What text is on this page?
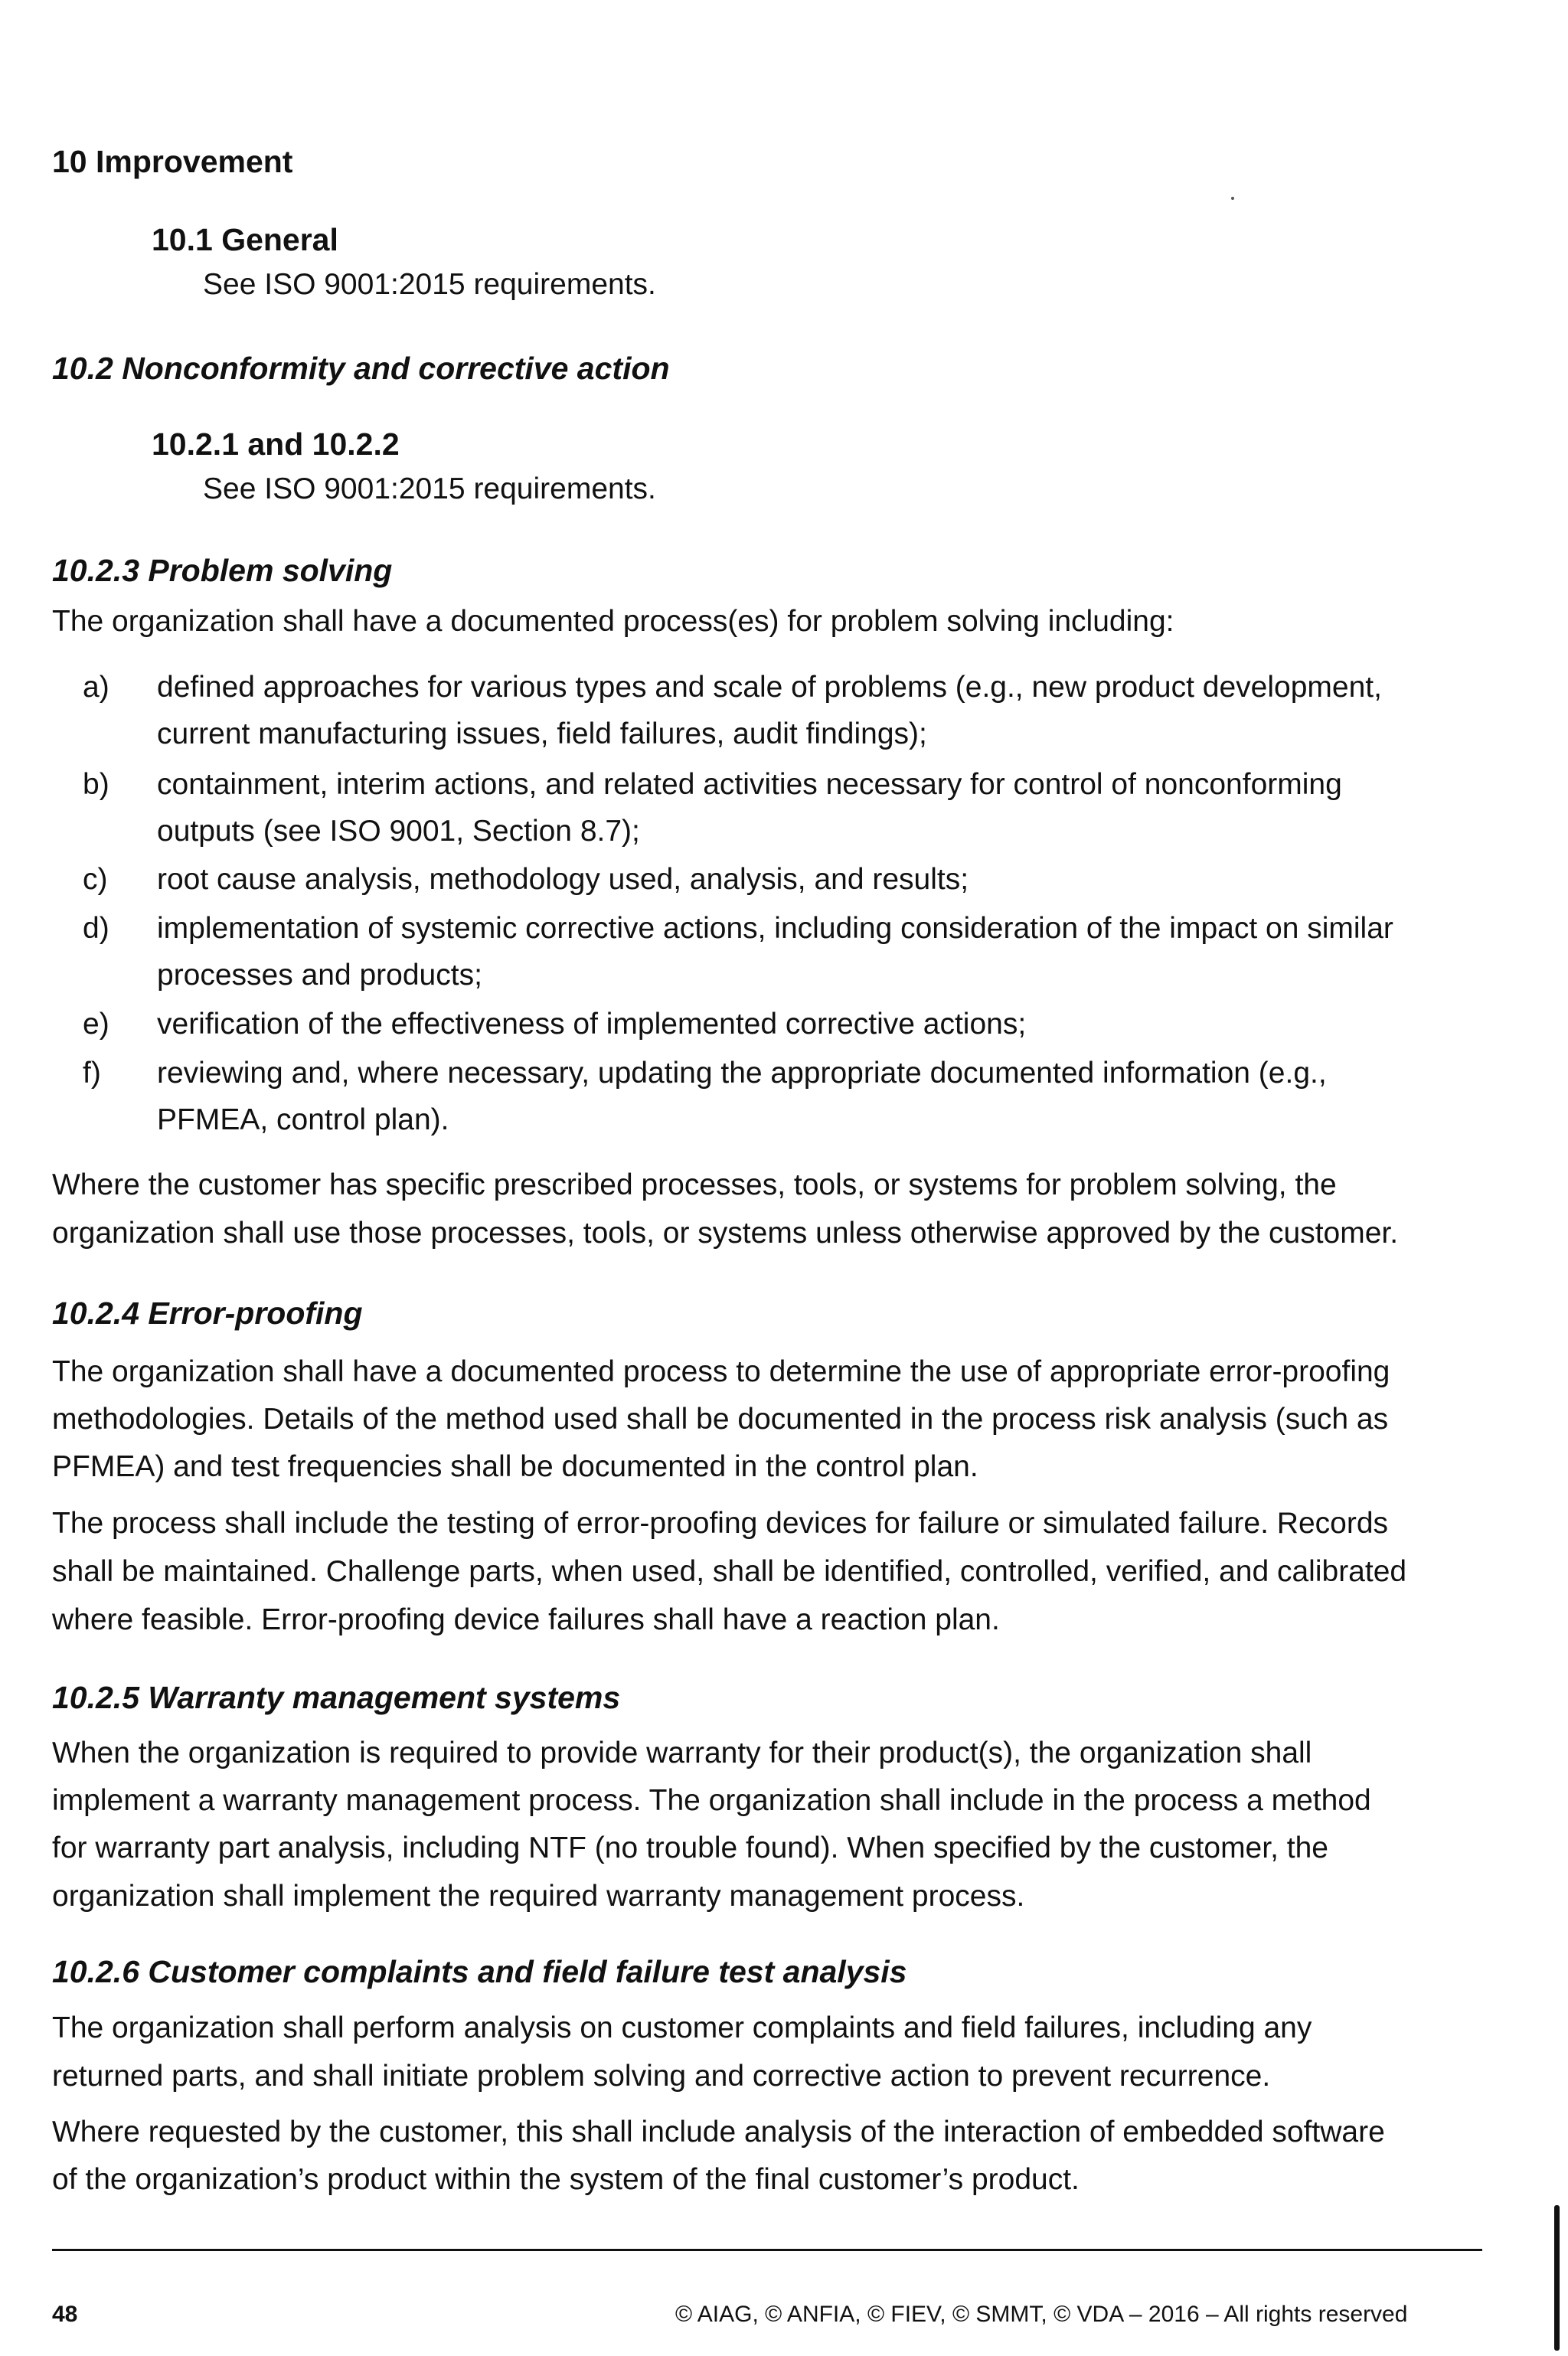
10 Improvement
10.1 General
See ISO 9001:2015 requirements.
10.2 Nonconformity and corrective action
10.2.1 and 10.2.2
See ISO 9001:2015 requirements.
10.2.3 Problem solving
The organization shall have a documented process(es) for problem solving including:
a) defined approaches for various types and scale of problems (e.g., new product development,
current manufacturing issues, field failures, audit findings);
b) containment, interim actions, and related activities necessary for control of nonconforming
outputs (see ISO 9001, Section 8.7);
c) root cause analysis, methodology used, analysis, and results;
d) implementation of systemic corrective actions, including consideration of the impact on similar
processes and products;
e) verification of the effectiveness of implemented corrective actions;
f) reviewing and, where necessary, updating the appropriate documented information (e.g.,
PFMEA, control plan).
Where the customer has specific prescribed processes, tools, or systems for problem solving, the
organization shall use those processes, tools, or systems unless otherwise approved by the customer.
10.2.4 Error-proofing
The organization shall have a documented process to determine the use of appropriate error-proofing
methodologies. Details of the method used shall be documented in the process risk analysis (such as
PFMEA) and test frequencies shall be documented in the control plan.
The process shall include the testing of error-proofing devices for failure or simulated failure. Records
shall be maintained. Challenge parts, when used, shall be identified, controlled, verified, and calibrated
where feasible. Error-proofing device failures shall have a reaction plan.
10.2.5 Warranty management systems
When the organization is required to provide warranty for their product(s), the organization shall
implement a warranty management process. The organization shall include in the process a method
for warranty part analysis, including NTF (no trouble found). When specified by the customer, the
organization shall implement the required warranty management process.
10.2.6 Customer complaints and field failure test analysis
The organization shall perform analysis on customer complaints and field failures, including any
returned parts, and shall initiate problem solving and corrective action to prevent recurrence.
Where requested by the customer, this shall include analysis of the interaction of embedded software
of the organization’s product within the system of the final customer’s product.
48	© AIAG, © ANFIA, © FIEV, © SMMT, © VDA – 2016 – All rights reserved
